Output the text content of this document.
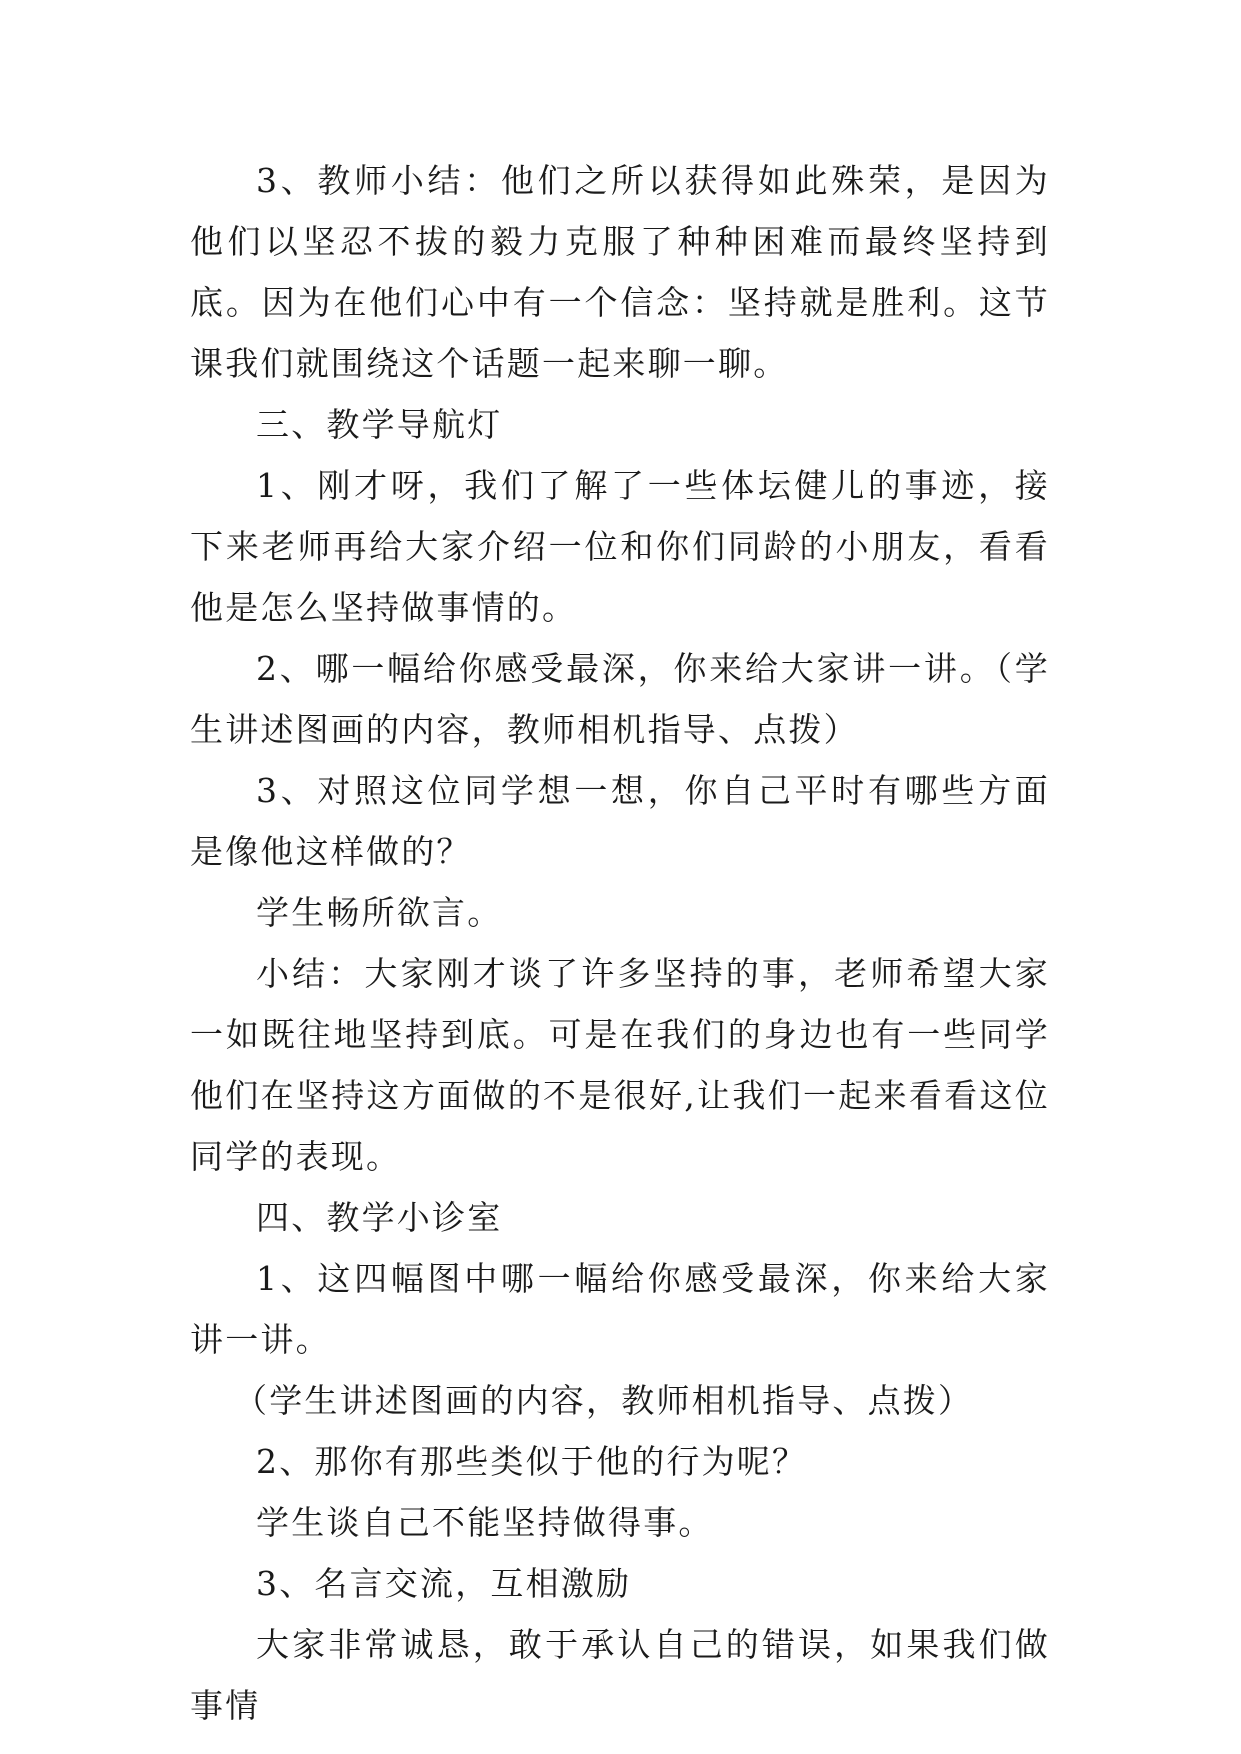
3、教师小结：他们之所以获得如此殊荣，是因为他们以坚忍不拔的毅力克服了种种困难而最终坚持到底。因为在他们心中有一个信念：坚持就是胜利。这节课我们就围绕这个话题一起来聊一聊。

三、教学导航灯

1、刚才呀，我们了解了一些体坛健儿的事迹，接下来老师再给大家介绍一位和你们同龄的小朋友，看看他是怎么坚持做事情的。

2、哪一幅给你感受最深，你来给大家讲一讲。（学生讲述图画的内容，教师相机指导、点拨）

3、对照这位同学想一想，你自己平时有哪些方面是像他这样做的？

学生畅所欲言。

小结：大家刚才谈了许多坚持的事，老师希望大家一如既往地坚持到底。可是在我们的身边也有一些同学他们在坚持这方面做的不是很好,让我们一起来看看这位同学的表现。

四、教学小诊室

1、这四幅图中哪一幅给你感受最深，你来给大家讲一讲。

（学生讲述图画的内容，教师相机指导、点拨）

2、那你有那些类似于他的行为呢？

学生谈自己不能坚持做得事。

3、名言交流，互相激励

大家非常诚恳，敢于承认自己的错误，如果我们做事情
